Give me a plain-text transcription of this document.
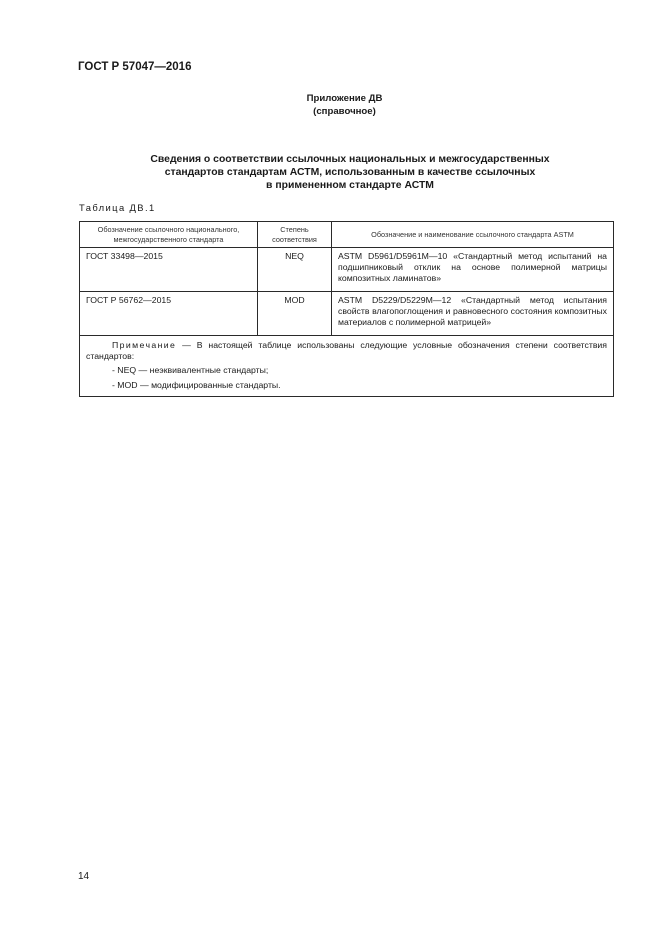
ГОСТ Р 57047—2016
Приложение ДВ
(справочное)
Сведения о соответствии ссылочных национальных и межгосударственных
стандартов стандартам АСТМ, использованным в качестве ссылочных
в примененном стандарте АСТМ
Таблица ДВ.1
Обозначение ссылочного национального, межгосударственного стандарта	Степень соответствия	Обозначение и наименование ссылочного стандарта ASTM
ГОСТ 33498—2015	NEQ	ASTM D5961/D5961M—10 «Стандартный метод испытаний на подшипниковый отклик на основе полимерной матрицы композитных ламинатов»
ГОСТ Р 56762—2015	MOD	ASTM D5229/D5229M—12 «Стандартный метод испытания свойств влагопоглощения и равновесного состояния композитных материалов с полимерной матрицей»

Примечание — В настоящей таблице использованы следующие условные обозначения степени соответствия стандартов:
- NEQ — неэквивалентные стандарты;
- MOD — модифицированные стандарты.		
14
